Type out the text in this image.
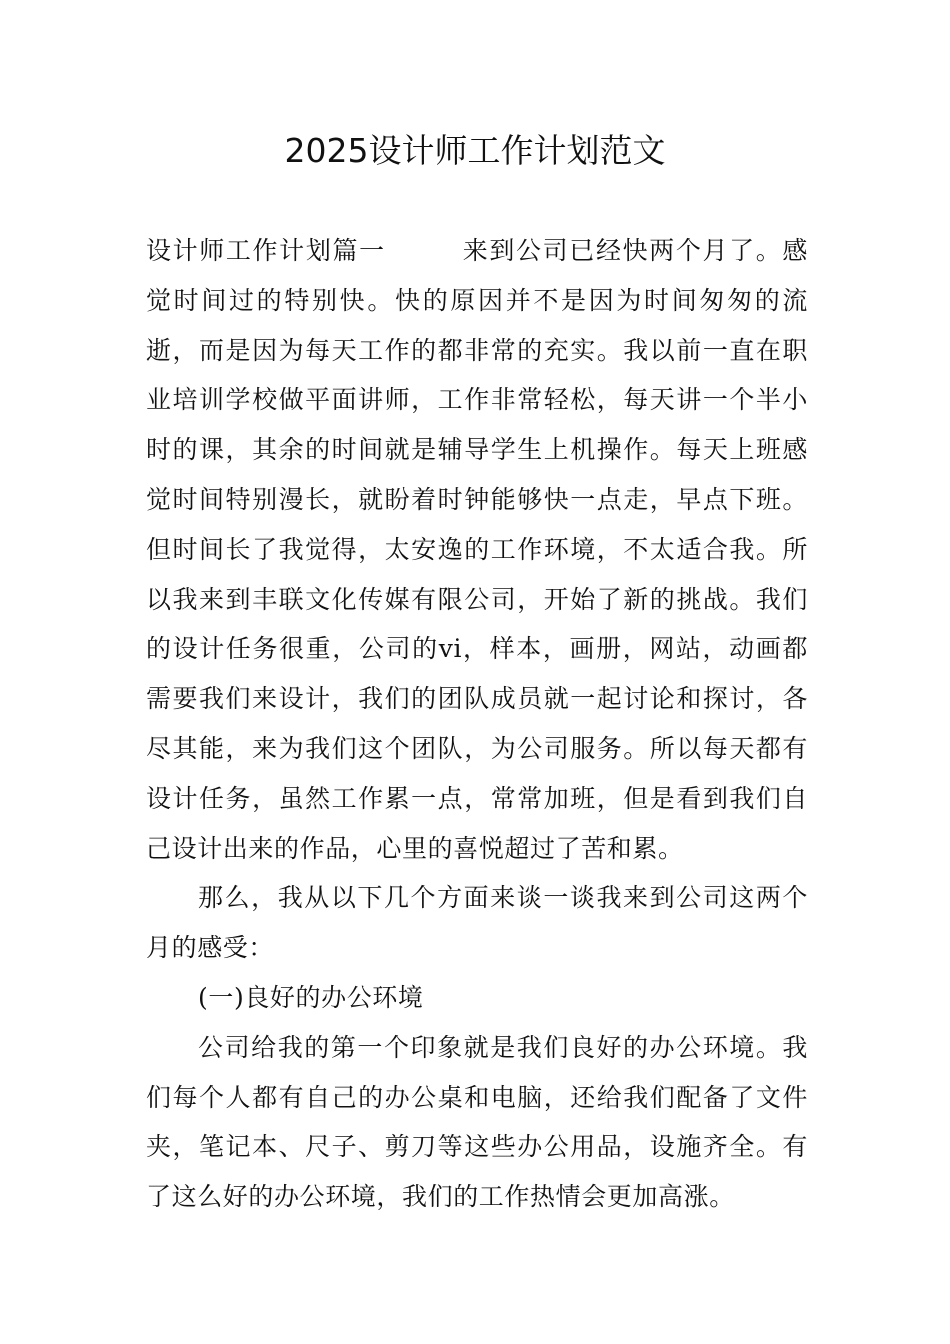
2025设计师工作计划范文

设计师工作计划篇一	来到公司已经快两个月了。感觉时间过的特别快。快的原因并不是因为时间匆匆的流逝，而是因为每天工作的都非常的充实。我以前一直在职业培训学校做平面讲师，工作非常轻松，每天讲一个半小时的课，其余的时间就是辅导学生上机操作。每天上班感觉时间特别漫长，就盼着时钟能够快一点走，早点下班。但时间长了我觉得，太安逸的工作环境，不太适合我。所以我来到丰联文化传媒有限公司，开始了新的挑战。我们的设计任务很重，公司的vi，样本，画册，网站，动画都需要我们来设计，我们的团队成员就一起讨论和探讨，各尽其能，来为我们这个团队，为公司服务。所以每天都有设计任务，虽然工作累一点，常常加班，但是看到我们自己设计出来的作品，心里的喜悦超过了苦和累。

那么，我从以下几个方面来谈一谈我来到公司这两个月的感受：

(一)良好的办公环境

公司给我的第一个印象就是我们良好的办公环境。我们每个人都有自己的办公桌和电脑，还给我们配备了文件夹，笔记本、尺子、剪刀等这些办公用品，设施齐全。有了这么好的办公环境，我们的工作热情会更加高涨。
